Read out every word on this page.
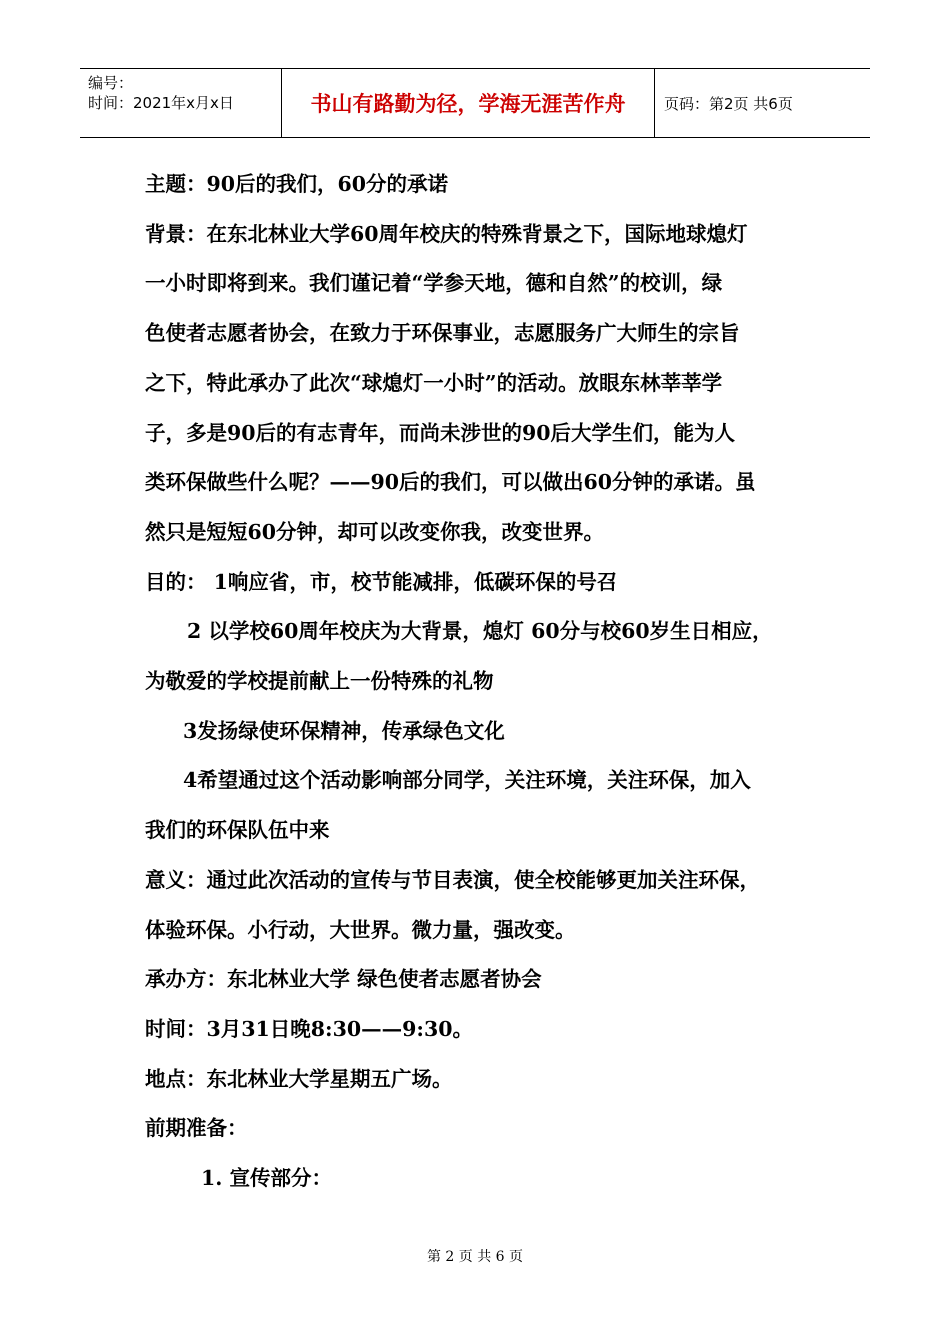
编号：
时间：2021年x月x日	书山有路勤为径，学海无涯苦作舟	页码：第2页 共6页

主题：90后的我们，60分的承诺

背景：在东北林业大学60周年校庆的特殊背景之下，国际地球熄灯

一小时即将到来。我们谨记着“学参天地，德和自然”的校训，绿

色使者志愿者协会，在致力于环保事业，志愿服务广大师生的宗旨

之下，特此承办了此次“球熄灯一小时”的活动。放眼东林莘莘学

子，多是90后的有志青年，而尚未涉世的90后大学生们，能为人

类环保做些什么呢？——90后的我们，可以做出60分钟的承诺。虽

然只是短短60分钟，却可以改变你我，改变世界。

目的： 1响应省，市，校节能减排，低碳环保的号召

2 以学校60周年校庆为大背景，熄灯 60分与校60岁生日相应，

为敬爱的学校提前献上一份特殊的礼物

3发扬绿使环保精神，传承绿色文化

4希望通过这个活动影响部分同学，关注环境，关注环保，加入

我们的环保队伍中来

意义：通过此次活动的宣传与节目表演，使全校能够更加关注环保，

体验环保。小行动，大世界。微力量，强改变。

承办方：东北林业大学 绿色使者志愿者协会

时间：3月31日晚8:30——9:30。

地点：东北林业大学星期五广场。

前期准备：

1. 宣传部分：

第 2 页 共 6 页
